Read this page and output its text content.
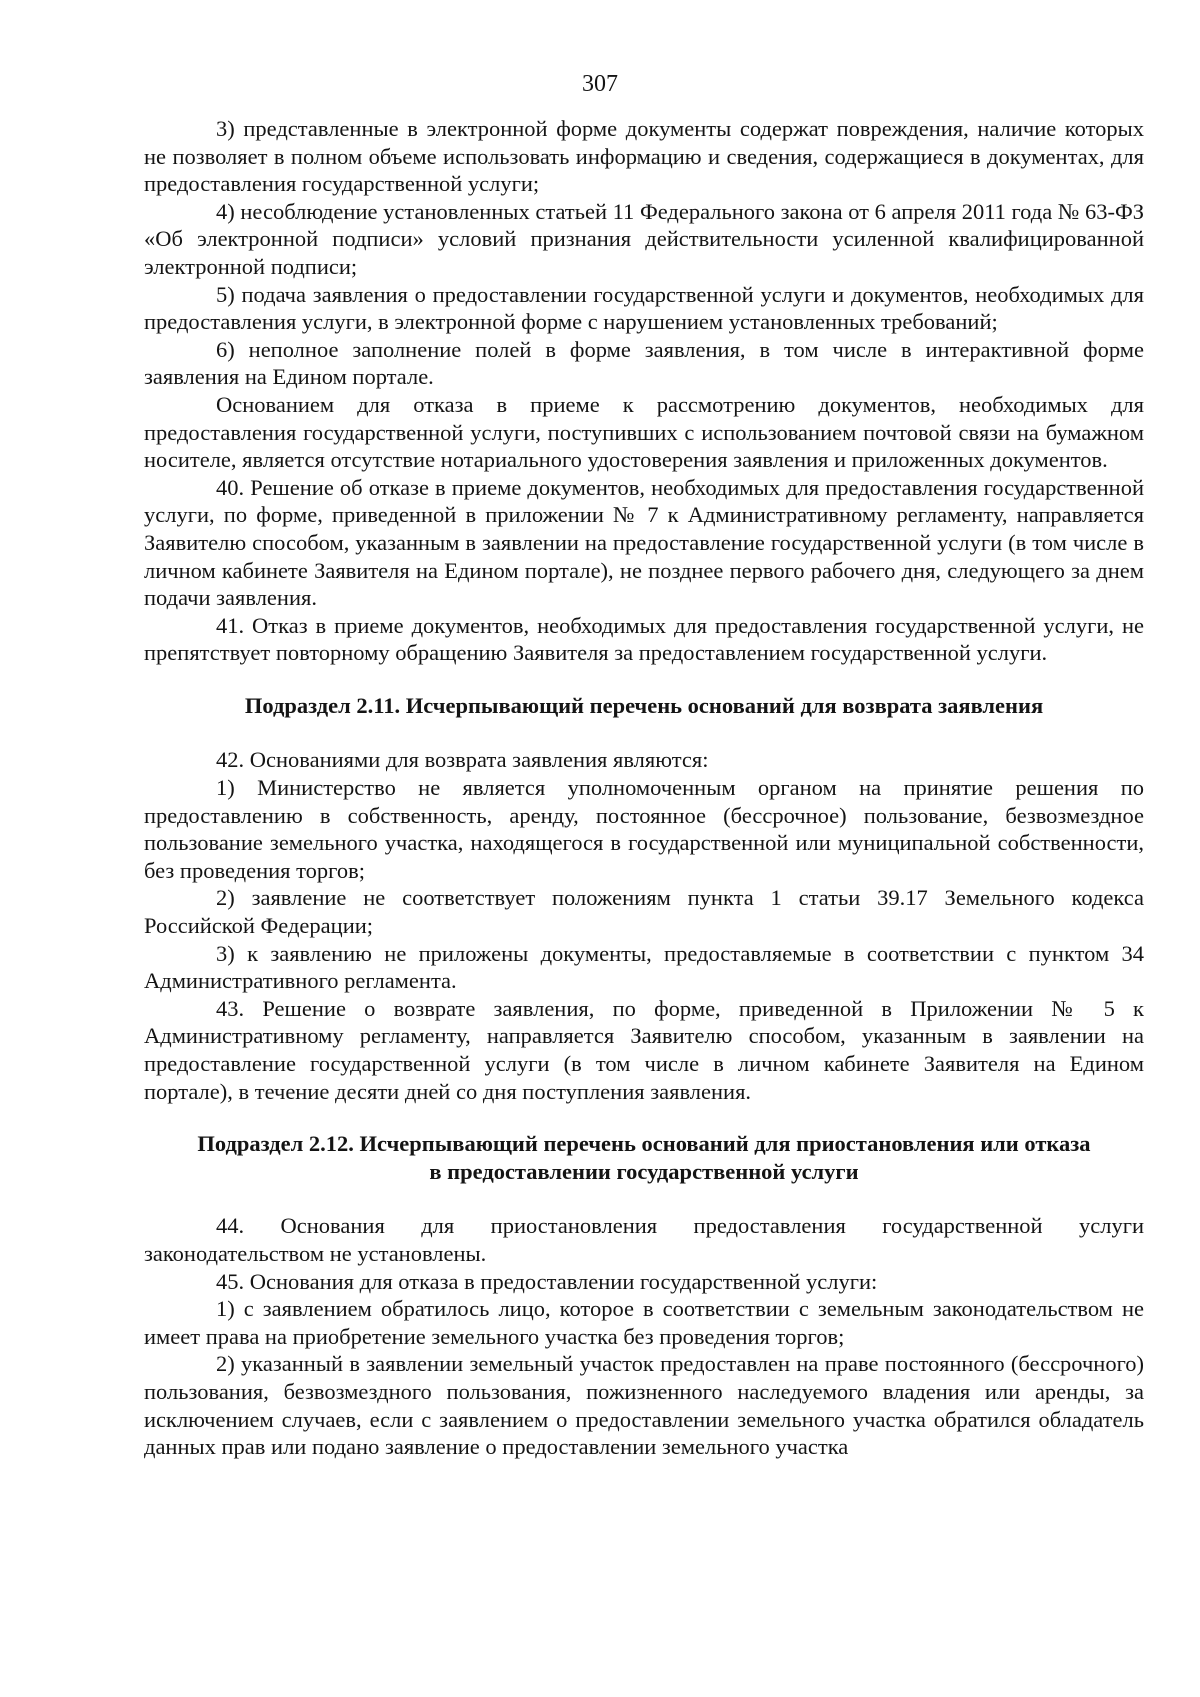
307

3) представленные в электронной форме документы содержат повреждения, наличие которых не позволяет в полном объеме использовать информацию и сведения, содержащиеся в документах, для предоставления государственной услуги;

4) несоблюдение установленных статьей 11 Федерального закона от 6 апреля 2011 года № 63-ФЗ «Об электронной подписи» условий признания действительности усиленной квалифицированной электронной подписи;

5) подача заявления о предоставлении государственной услуги и документов, необходимых для предоставления услуги, в электронной форме с нарушением установленных требований;

6) неполное заполнение полей в форме заявления, в том числе в интерактивной форме заявления на Едином портале.

Основанием для отказа в приеме к рассмотрению документов, необходимых для предоставления государственной услуги, поступивших с использованием почтовой связи на бумажном носителе, является отсутствие нотариального удостоверения заявления и приложенных документов.

40. Решение об отказе в приеме документов, необходимых для предоставления государственной услуги, по форме, приведенной в приложении № 7 к Административному регламенту, направляется Заявителю способом, указанным в заявлении на предоставление государственной услуги (в том числе в личном кабинете Заявителя на Едином портале), не позднее первого рабочего дня, следующего за днем подачи заявления.

41. Отказ в приеме документов, необходимых для предоставления государственной услуги, не препятствует повторному обращению Заявителя за предоставлением государственной услуги.

Подраздел 2.11. Исчерпывающий перечень оснований для возврата заявления

42. Основаниями для возврата заявления являются:

1) Министерство не является уполномоченным органом на принятие решения по предоставлению в собственность, аренду, постоянное (бессрочное) пользование, безвозмездное пользование земельного участка, находящегося в государственной или муниципальной собственности, без проведения торгов;

2) заявление не соответствует положениям пункта 1 статьи 39.17 Земельного кодекса Российской Федерации;

3) к заявлению не приложены документы, предоставляемые в соответствии с пунктом 34 Административного регламента.

43. Решение о возврате заявления, по форме, приведенной в Приложении № 5 к Административному регламенту, направляется Заявителю способом, указанным в заявлении на предоставление государственной услуги (в том числе в личном кабинете Заявителя на Едином портале), в течение десяти дней со дня поступления заявления.

Подраздел 2.12. Исчерпывающий перечень оснований для приостановления или отказа

в предоставлении государственной услуги

44. Основания для приостановления предоставления государственной услуги законодательством не установлены.

45. Основания для отказа в предоставлении государственной услуги:

1) с заявлением обратилось лицо, которое в соответствии с земельным законодательством не имеет права на приобретение земельного участка без проведения торгов;

2) указанный в заявлении земельный участок предоставлен на праве постоянного (бессрочного) пользования, безвозмездного пользования, пожизненного наследуемого владения или аренды, за исключением случаев, если с заявлением о предоставлении земельного участка обратился обладатель данных прав или подано заявление о предоставлении земельного участка
